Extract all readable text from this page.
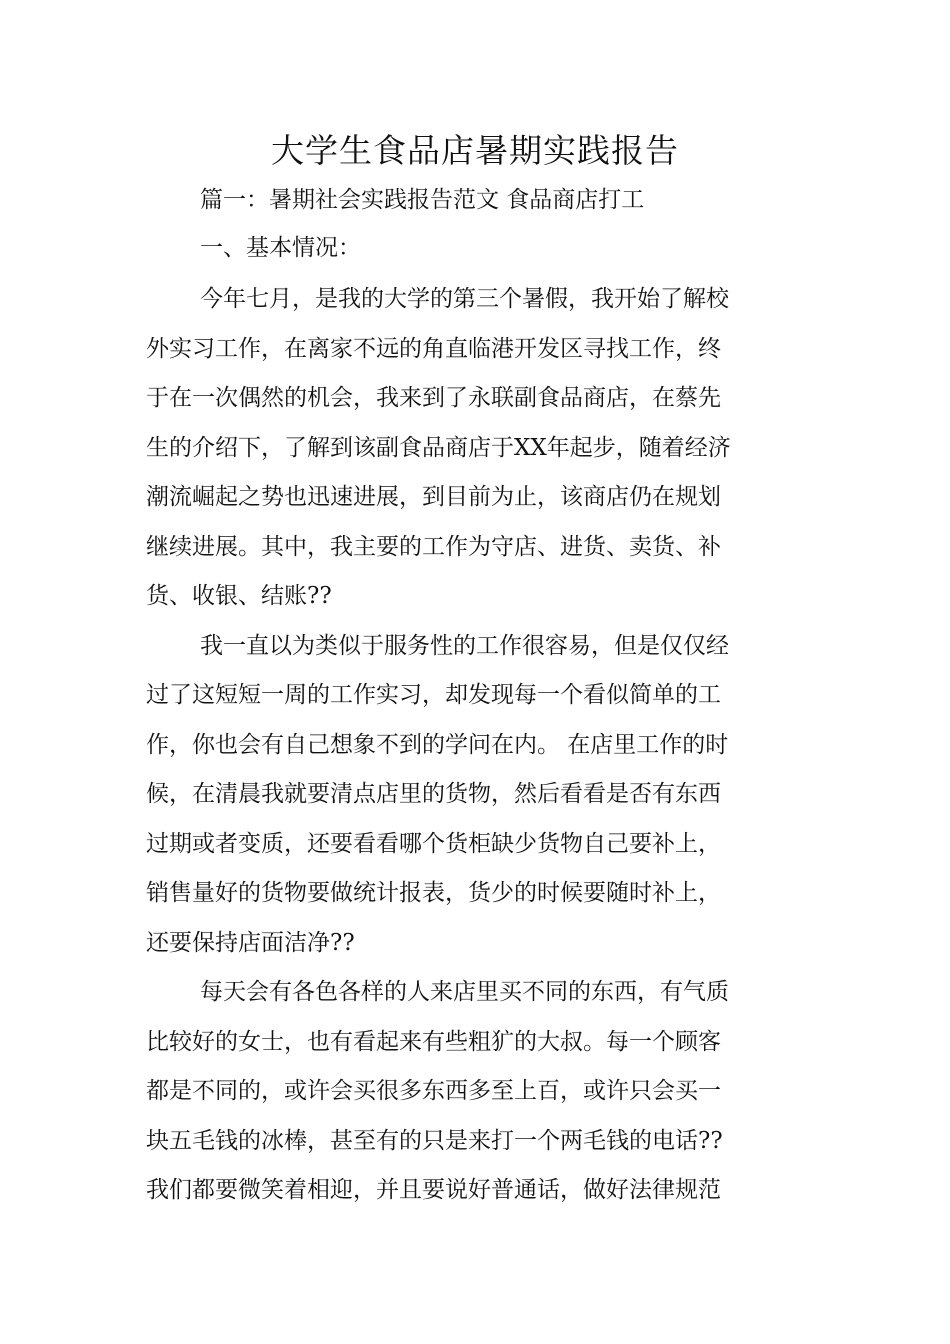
大学生食品店暑期实践报告

篇一：暑期社会实践报告范文 食品商店打工

一、基本情况：

今年七月，是我的大学的第三个暑假，我开始了解校
外实习工作，在离家不远的角直临港开发区寻找工作，终
于在一次偶然的机会，我来到了永联副食品商店，在蔡先
生的介绍下，了解到该副食品商店于XX年起步，随着经济
潮流崛起之势也迅速进展，到目前为止，该商店仍在规划
继续进展。其中，我主要的工作为守店、进货、卖货、补
货、收银、结账??
我一直以为类似于服务性的工作很容易，但是仅仅经
过了这短短一周的工作实习，却发现每一个看似简单的工
作，你也会有自己想象不到的学问在内。 在店里工作的时
候，在清晨我就要清点店里的货物，然后看看是否有东西
过期或者变质，还要看看哪个货柜缺少货物自己要补上，
销售量好的货物要做统计报表，货少的时候要随时补上，
还要保持店面洁净??
每天会有各色各样的人来店里买不同的东西，有气质
比较好的女士，也有看起来有些粗犷的大叔。每一个顾客
都是不同的，或许会买很多东西多至上百，或许只会买一
块五毛钱的冰棒，甚至有的只是来打一个两毛钱的电话??
我们都要微笑着相迎，并且要说好普通话，做好法律规范
